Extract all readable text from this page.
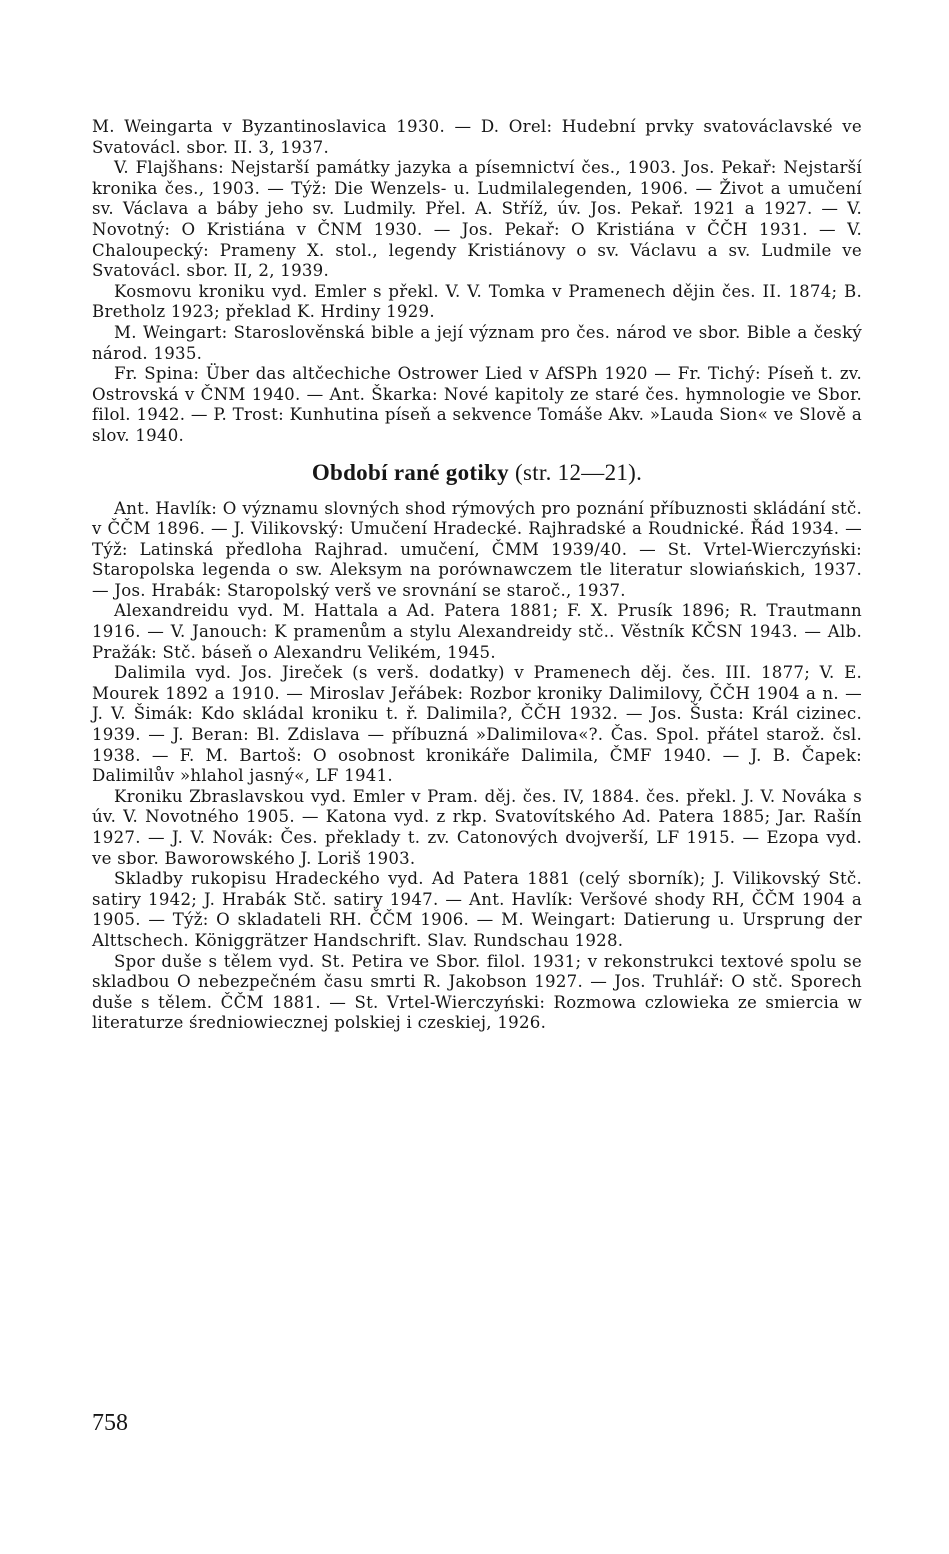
M. Weingarta v Byzantinoslavica 1930. — D. Orel: Hudební prvky svatováclavské ve Svatovácl. sbor. II. 3, 1937.

V. Flajšhans: Nejstarší památky jazyka a písemnictví čes., 1903. Jos. Pekař: Nejstarší kronika čes., 1903. — Týž: Die Wenzels- u. Ludmilalegenden, 1906. — Život a umučení sv. Václava a báby jeho sv. Ludmily. Přel. A. Stříž, úv. Jos. Pekař. 1921 a 1927. — V. Novotný: O Kristiána v ČNM 1930. — Jos. Pekař: O Kristiána v ČČH 1931. — V. Chaloupecký: Prameny X. stol., legendy Kristiánovy o sv. Václavu a sv. Ludmile ve Svatovácl. sbor. II, 2, 1939.

Kosmovu kroniku vyd. Emler s překl. V. V. Tomka v Pramenech dějin čes. II. 1874; B. Bretholz 1923; překlad K. Hrdiny 1929.

M. Weingart: Staroslověnská bible a její význam pro čes. národ ve sbor. Bible a český národ. 1935.

Fr. Spina: Über das altčechiche Ostrower Lied v AfSPh 1920 — Fr. Tichý: Píseň t. zv. Ostrovská v ČNM 1940. — Ant. Škarka: Nové kapitoly ze staré čes. hymnologie ve Sbor. filol. 1942. — P. Trost: Kunhutina píseň a sekvence Tomáše Akv. »Lauda Sion« ve Slově a slov. 1940.

Období rané gotiky (str. 12—21).

Ant. Havlík: O významu slovných shod rýmových pro poznání příbuznosti skládání stč. v ČČM 1896. — J. Vilikovský: Umučení Hradecké. Rajhradské a Roudnické. Řád 1934. — Týž: Latinská předloha Rajhrad. umučení, ČMM 1939/40. — St. Vrtel-Wierczyński: Staropolska legenda o sw. Aleksym na porównawczem tle literatur slowiańskich, 1937. — Jos. Hrabák: Staropolský verš ve srovnání se staroč., 1937.

Alexandreidu vyd. M. Hattala a Ad. Patera 1881; F. X. Prusík 1896; R. Trautmann 1916. — V. Janouch: K pramenům a stylu Alexandreidy stč.. Věstník KČSN 1943. — Alb. Pražák: Stč. báseň o Alexandru Velikém, 1945.

Dalimila vyd. Jos. Jireček (s verš. dodatky) v Pramenech děj. čes. III. 1877; V. E. Mourek 1892 a 1910. — Miroslav Jeřábek: Rozbor kroniky Dalimilovy, ČČH 1904 a n. — J. V. Šimák: Kdo skládal kroniku t. ř. Dalimila?, ČČH 1932. — Jos. Šusta: Král cizinec. 1939. — J. Beran: Bl. Zdislava — příbuzná »Dalimilova«?. Čas. Spol. přátel starož. čsl. 1938. — F. M. Bartoš: O osobnost kronikáře Dalimila, ČMF 1940. — J. B. Čapek: Dalimilův »hlahol jasný«, LF 1941.

Kroniku Zbraslavskou vyd. Emler v Pram. děj. čes. IV, 1884. čes. překl. J. V. Nováka s úv. V. Novotného 1905. — Katona vyd. z rkp. Svatovítského Ad. Patera 1885; Jar. Rašín 1927. — J. V. Novák: Čes. překlady t. zv. Catonových dvojverší, LF 1915. — Ezopa vyd. ve sbor. Baworowského J. Loriš 1903.

Skladby rukopisu Hradeckého vyd. Ad Patera 1881 (celý sborník); J. Vilikovský Stč. satiry 1942; J. Hrabák Stč. satiry 1947. — Ant. Havlík: Veršové shody RH, ČČM 1904 a 1905. — Týž: O skladateli RH. ČČM 1906. — M. Weingart: Datierung u. Ursprung der Alttschech. Königgrätzer Handschrift. Slav. Rundschau 1928.

Spor duše s tělem vyd. St. Petira ve Sbor. filol. 1931; v rekonstrukci textové spolu se skladbou O nebezpečném času smrti R. Jakobson 1927. — Jos. Truhlář: O stč. Sporech duše s tělem. ČČM 1881. — St. Vrtel-Wierczyński: Rozmowa czlowieka ze smiercia w literaturze średniowiecznej polskiej i czeskiej, 1926.

758
